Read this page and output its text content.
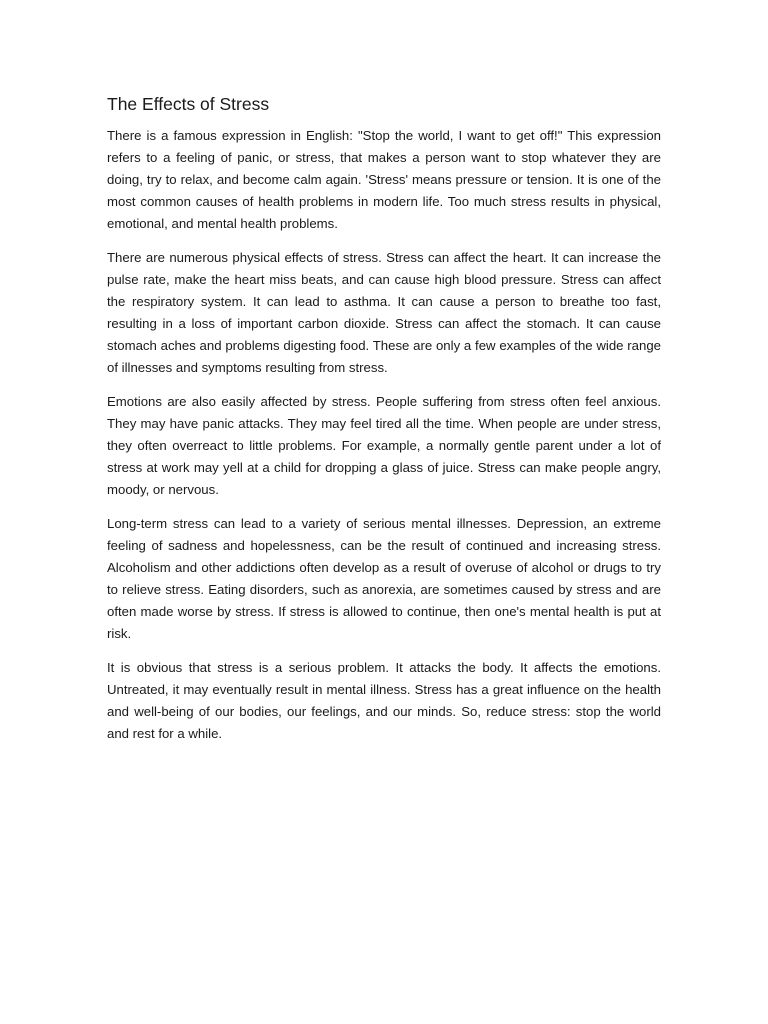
The Effects of Stress

There is a famous expression in English: "Stop the world, I want to get off!" This expression refers to a feeling of panic, or stress, that makes a person want to stop whatever they are doing, try to relax, and become calm again. 'Stress' means pressure or tension. It is one of the most common causes of health problems in modern life. Too much stress results in physical, emotional, and mental health problems.

There are numerous physical effects of stress. Stress can affect the heart. It can increase the pulse rate, make the heart miss beats, and can cause high blood pressure. Stress can affect the respiratory system. It can lead to asthma. It can cause a person to breathe too fast, resulting in a loss of important carbon dioxide. Stress can affect the stomach. It can cause stomach aches and problems digesting food. These are only a few examples of the wide range of illnesses and symptoms resulting from stress.

Emotions are also easily affected by stress. People suffering from stress often feel anxious. They may have panic attacks. They may feel tired all the time. When people are under stress, they often overreact to little problems. For example, a normally gentle parent under a lot of stress at work may yell at a child for dropping a glass of juice. Stress can make people angry, moody, or nervous.

Long-term stress can lead to a variety of serious mental illnesses. Depression, an extreme feeling of sadness and hopelessness, can be the result of continued and increasing stress. Alcoholism and other addictions often develop as a result of overuse of alcohol or drugs to try to relieve stress. Eating disorders, such as anorexia, are sometimes caused by stress and are often made worse by stress. If stress is allowed to continue, then one's mental health is put at risk.

It is obvious that stress is a serious problem. It attacks the body. It affects the emotions. Untreated, it may eventually result in mental illness. Stress has a great influence on the health and well-being of our bodies, our feelings, and our minds. So, reduce stress: stop the world and rest for a while.
